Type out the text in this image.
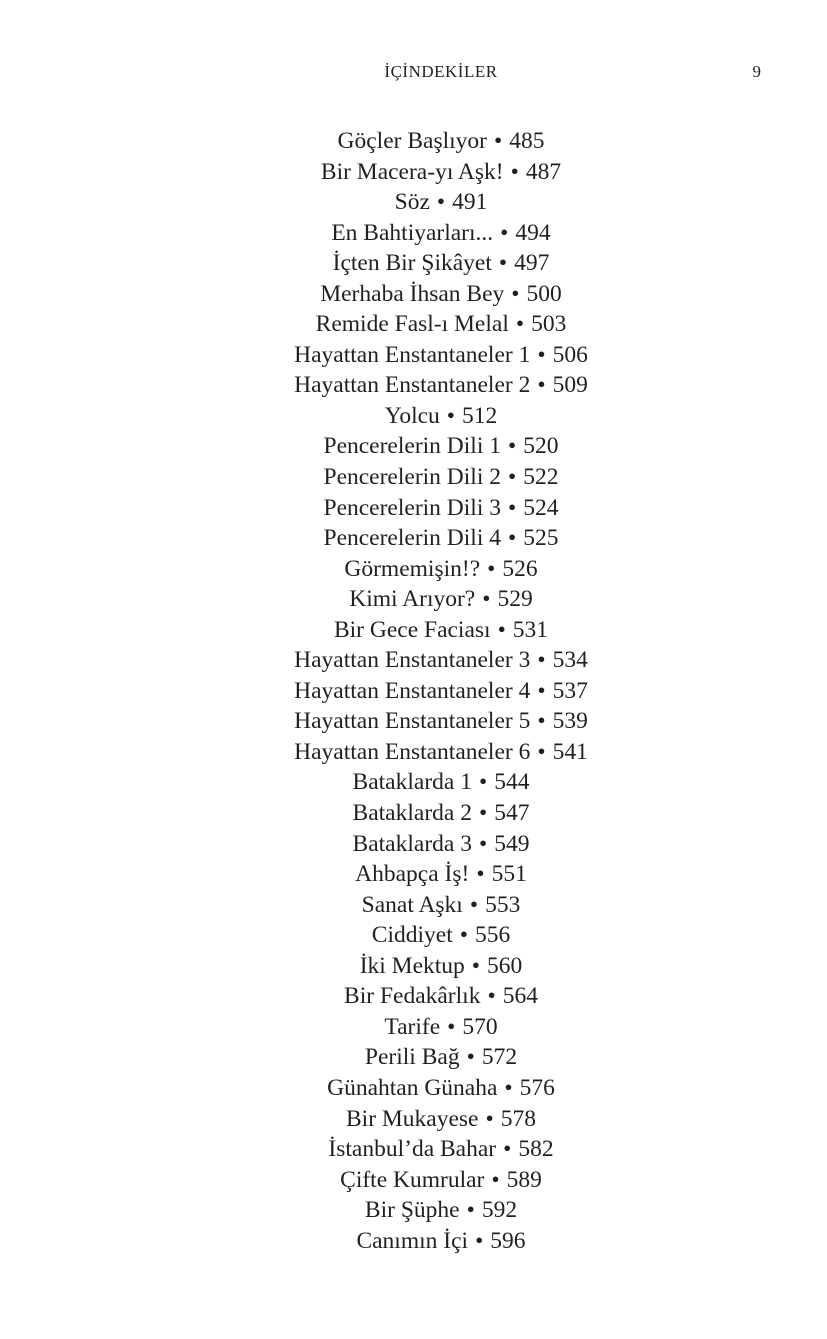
İÇİNDEKİLER	9
Göçler Başlıyor • 485
Bir Macera-yı Aşk! • 487
Söz • 491
En Bahtiyarları... • 494
İçten Bir Şikâyet • 497
Merhaba İhsan Bey • 500
Remide Fasl-ı Melal • 503
Hayattan Enstantaneler 1 • 506
Hayattan Enstantaneler 2 • 509
Yolcu • 512
Pencerelerin Dili 1 • 520
Pencerelerin Dili 2 • 522
Pencerelerin Dili 3 • 524
Pencerelerin Dili 4 • 525
Görmemişin!? • 526
Kimi Arıyor? • 529
Bir Gece Faciası • 531
Hayattan Enstantaneler 3 • 534
Hayattan Enstantaneler 4 • 537
Hayattan Enstantaneler 5 • 539
Hayattan Enstantaneler 6 • 541
Bataklarda 1 • 544
Bataklarda 2 • 547
Bataklarda 3 • 549
Ahbapça İş! • 551
Sanat Aşkı • 553
Ciddiyet • 556
İki Mektup • 560
Bir Fedakârlık • 564
Tarife • 570
Perili Bağ • 572
Günahtan Günaha • 576
Bir Mukayese • 578
İstanbul’da Bahar • 582
Çifte Kumrular • 589
Bir Şüphe • 592
Canımın İçi • 596
